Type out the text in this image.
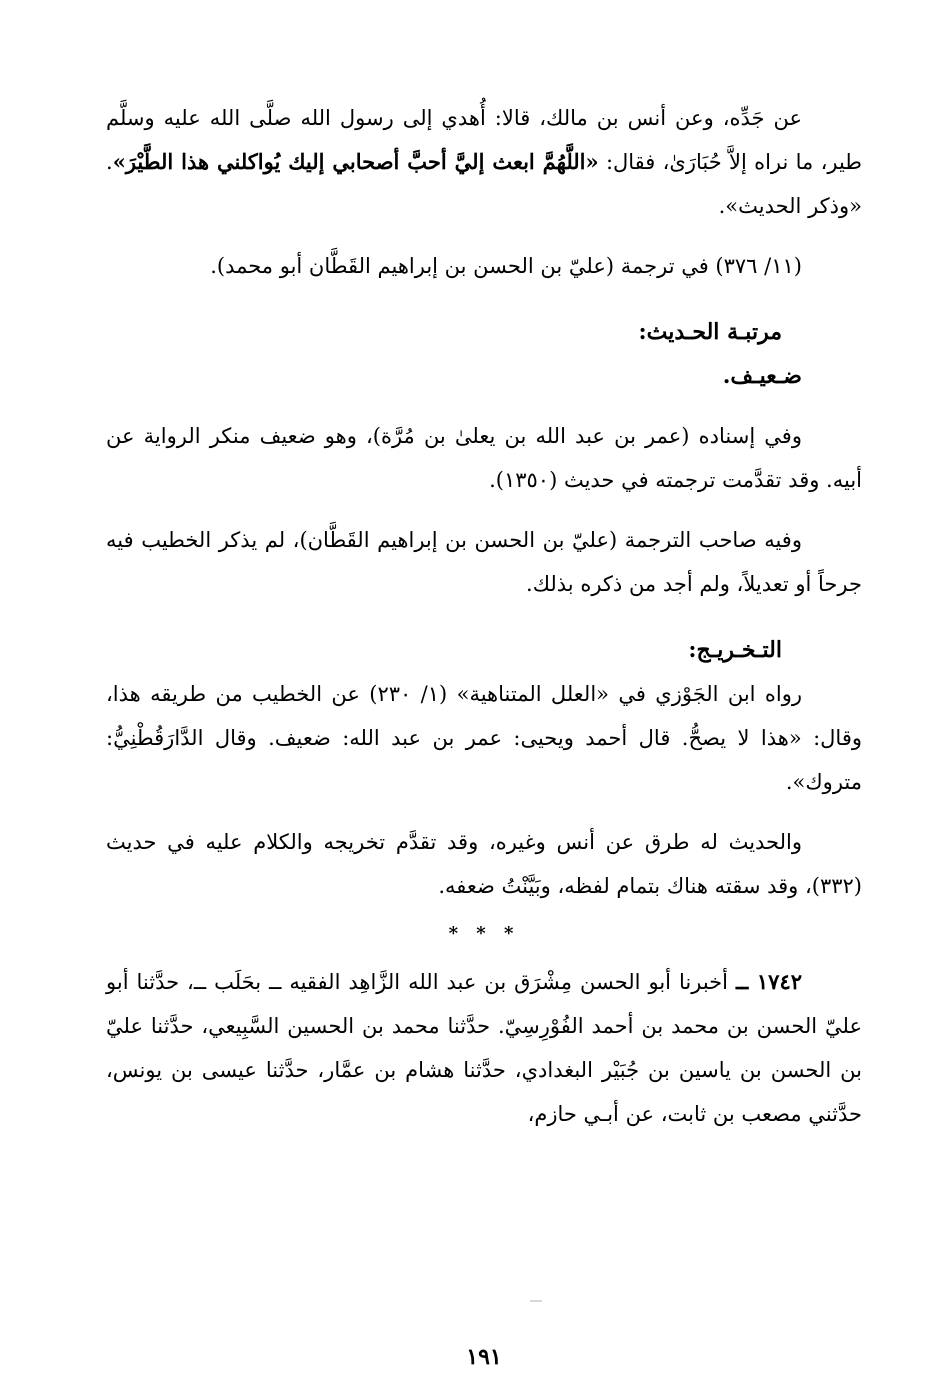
عن جَدِّه، وعن أنس بن مالك، قالا: أُهدي إلى رسول الله صلَّى الله عليه وسلَّم طير، ما نراه إلاَّ حُبَارَىٰ، فقال: «اللَّهُمَّ ابعث إليَّ أحبَّ أصحابي إليك يُواكلني هذا الطَّيْرَ». «وذكر الحديث».

(١١/ ٣٧٦) في ترجمة (عليّ بن الحسن بن إبراهيم القَطَّان أبو محمد).

مرتبـة الحـديث:
ضـعيـف.

وفي إسناده (عمر بن عبد الله بن يعلىٰ بن مُرَّة)، وهو ضعيف منكر الرواية عن أبيه. وقد تقدَّمت ترجمته في حديث (١٣٥٠).

وفيه صاحب الترجمة (عليّ بن الحسن بن إبراهيم القَطَّان)، لم يذكر الخطيب فيه جرحاً أو تعديلاً، ولم أجد من ذكره بذلك.

التـخـريـج:

رواه ابن الجَوْزي في «العلل المتناهية» (١/ ٢٣٠) عن الخطيب من طريقه هذا، وقال: «هذا لا يصحُّ. قال أحمد ويحيى: عمر بن عبد الله: ضعيف. وقال الدَّارَقُطْنِيُّ: متروك».

والحديث له طرق عن أنس وغيره، وقد تقدَّم تخريجه والكلام عليه في حديث (٣٣٢)، وقد سقته هناك بتمام لفظه، وبَيَّنْتُ ضعفه.

* * *

١٧٤٢ ــ أخبرنا أبو الحسن مِشْرَق بن عبد الله الزَّاهِد الفقيه ــ بحَلَب ــ، حدَّثنا أبو عليّ الحسن بن محمد بن أحمد الفُوْرِسِيّ. حدَّثنا محمد بن الحسين السَّبِيعي، حدَّثنا عليّ بن الحسن بن ياسين بن جُبَيْر البغدادي، حدَّثنا هشام بن عمَّار، حدَّثنا عيسى بن يونس، حدَّثني مصعب بن ثابت، عن أبـي حازم،

١٩١
